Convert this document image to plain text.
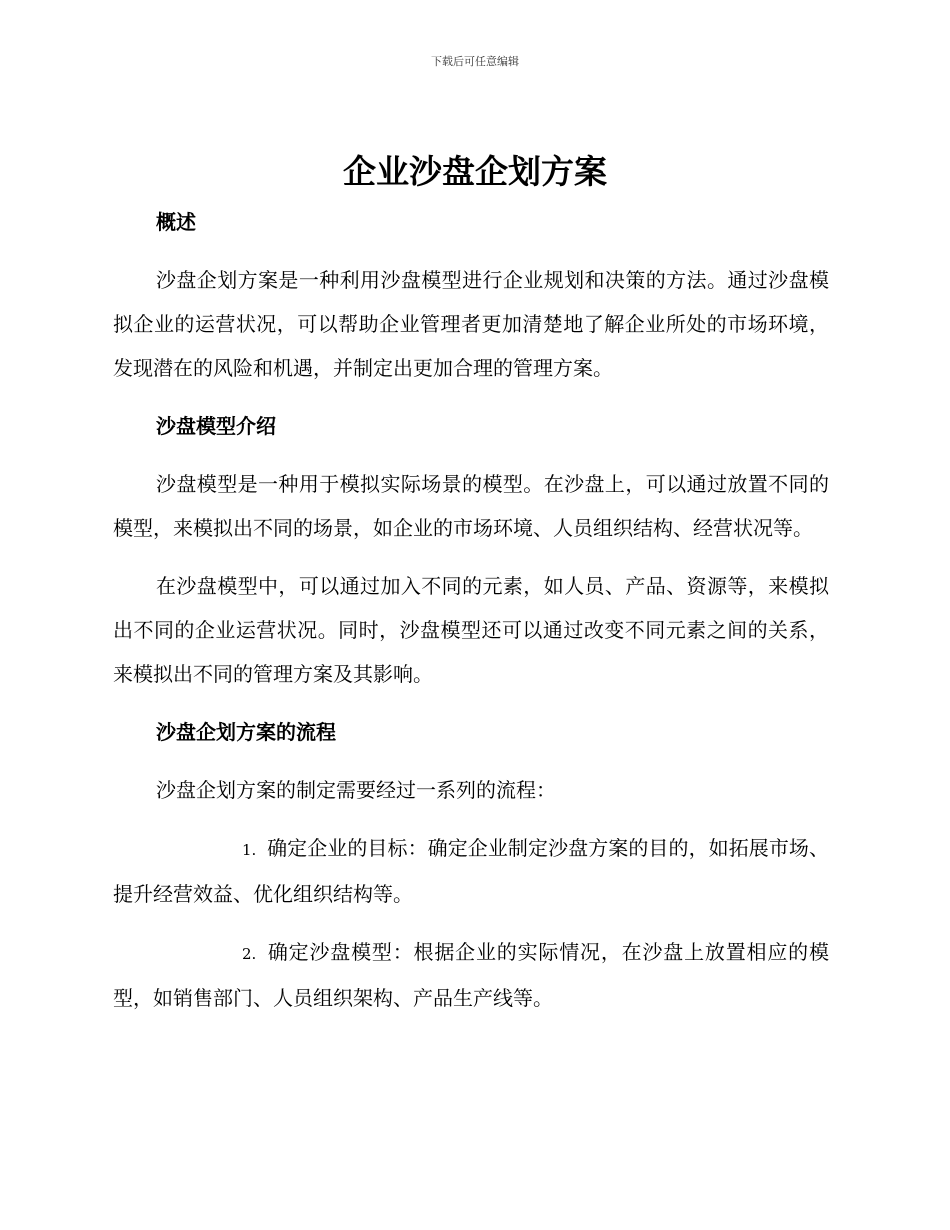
下载后可任意编辑
企业沙盘企划方案
概述

沙盘企划方案是一种利用沙盘模型进行企业规划和决策的方法。通过沙盘模拟企业的运营状况，可以帮助企业管理者更加清楚地了解企业所处的市场环境，发现潜在的风险和机遇，并制定出更加合理的管理方案。

沙盘模型介绍

沙盘模型是一种用于模拟实际场景的模型。在沙盘上，可以通过放置不同的模型，来模拟出不同的场景，如企业的市场环境、人员组织结构、经营状况等。

在沙盘模型中，可以通过加入不同的元素，如人员、产品、资源等，来模拟出不同的企业运营状况。同时，沙盘模型还可以通过改变不同元素之间的关系，来模拟出不同的管理方案及其影响。

沙盘企划方案的流程

沙盘企划方案的制定需要经过一系列的流程：

1. 确定企业的目标：确定企业制定沙盘方案的目的，如拓展市场、提升经营效益、优化组织结构等。

2. 确定沙盘模型：根据企业的实际情况，在沙盘上放置相应的模型，如销售部门、人员组织架构、产品生产线等。
